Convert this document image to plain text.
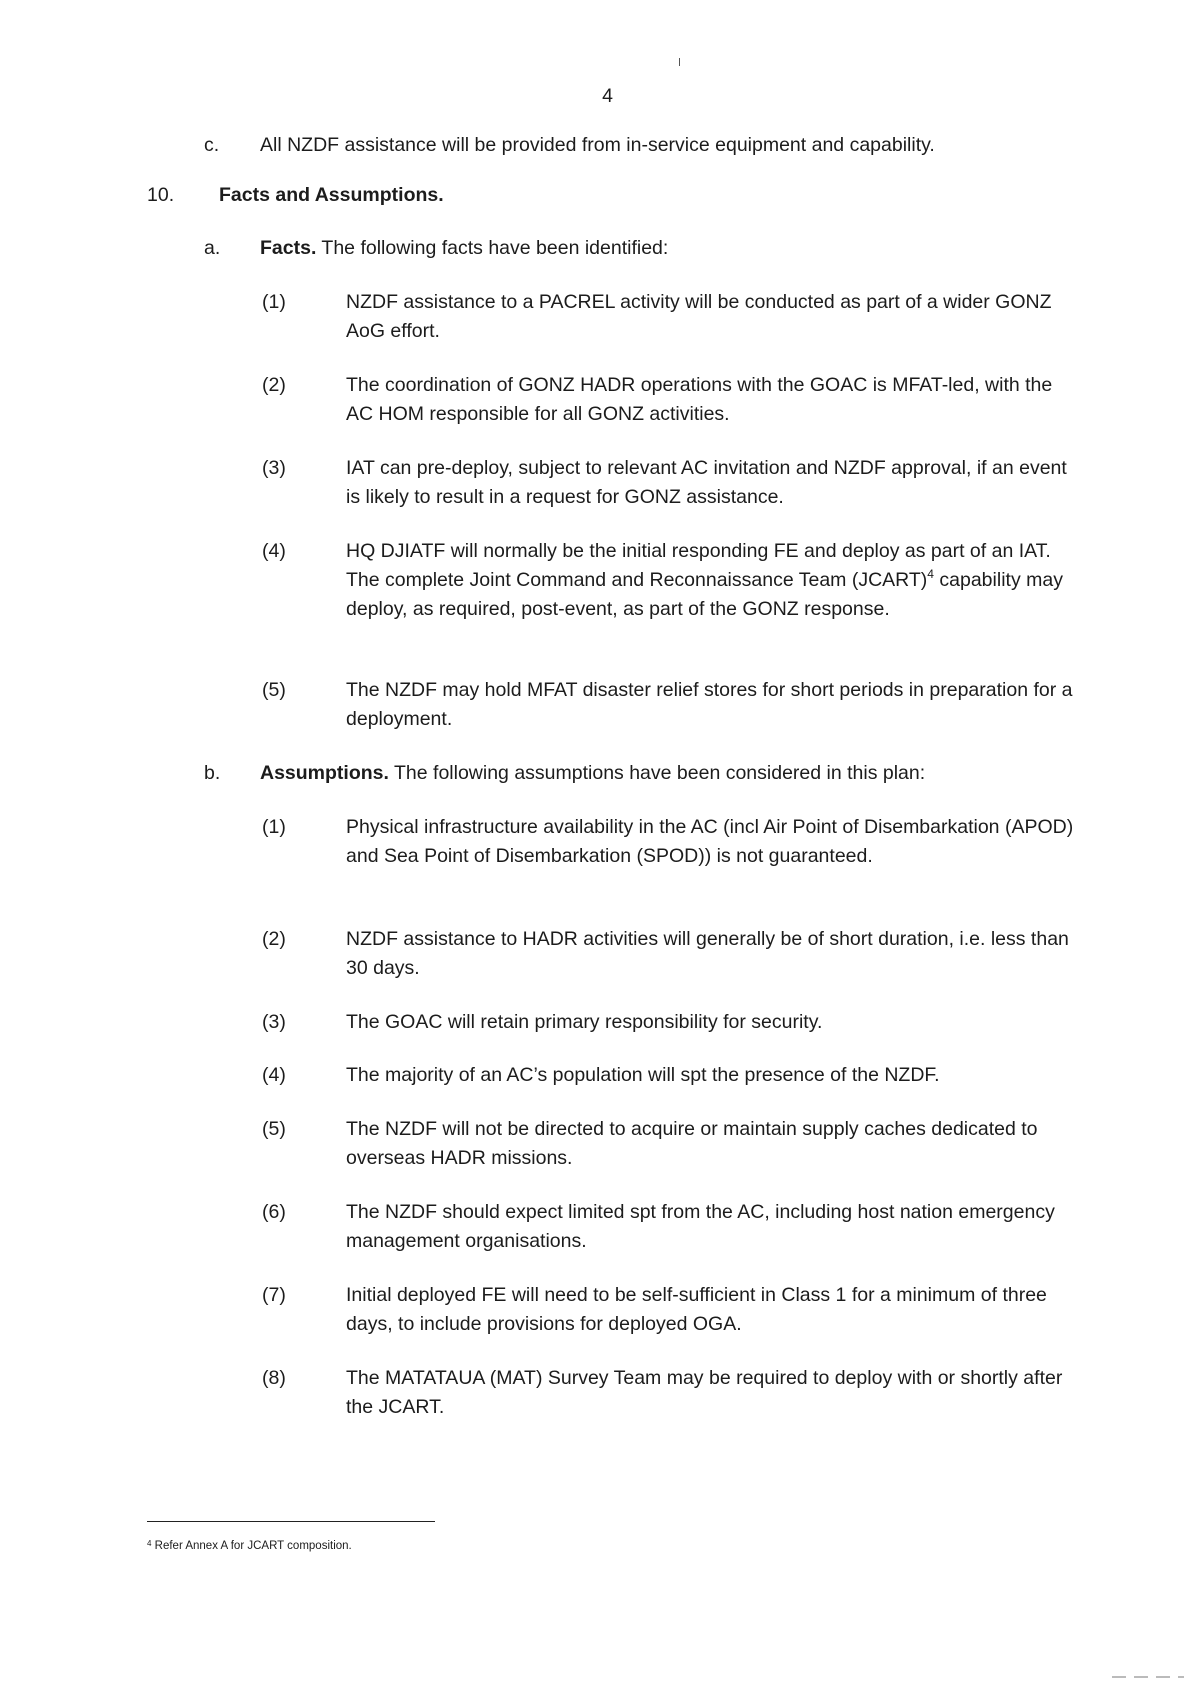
4
c.	All NZDF assistance will be provided from in-service equipment and capability.
10.	Facts and Assumptions.
a.	Facts. The following facts have been identified:
(1)	NZDF assistance to a PACREL activity will be conducted as part of a wider GONZ AoG effort.
(2)	The coordination of GONZ HADR operations with the GOAC is MFAT-led, with the AC HOM responsible for all GONZ activities.
(3)	IAT can pre-deploy, subject to relevant AC invitation and NZDF approval, if an event is likely to result in a request for GONZ assistance.
(4)	HQ DJIATF will normally be the initial responding FE and deploy as part of an IAT. The complete Joint Command and Reconnaissance Team (JCART)$^4$ capability may deploy, as required, post-event, as part of the GONZ response.
(5)	The NZDF may hold MFAT disaster relief stores for short periods in preparation for a deployment.
b.	Assumptions. The following assumptions have been considered in this plan:
(1)	Physical infrastructure availability in the AC (incl Air Point of Disembarkation (APOD) and Sea Point of Disembarkation (SPOD)) is not guaranteed.
(2)	NZDF assistance to HADR activities will generally be of short duration, i.e. less than 30 days.
(3)	The GOAC will retain primary responsibility for security.
(4)	The majority of an AC’s population will spt the presence of the NZDF.
(5)	The NZDF will not be directed to acquire or maintain supply caches dedicated to overseas HADR missions.
(6)	The NZDF should expect limited spt from the AC, including host nation emergency management organisations.
(7)	Initial deployed FE will need to be self-sufficient in Class 1 for a minimum of three days, to include provisions for deployed OGA.
(8)	The MATATAUA (MAT) Survey Team may be required to deploy with or shortly after the JCART.
$^4$ Refer Annex A for JCART composition.
